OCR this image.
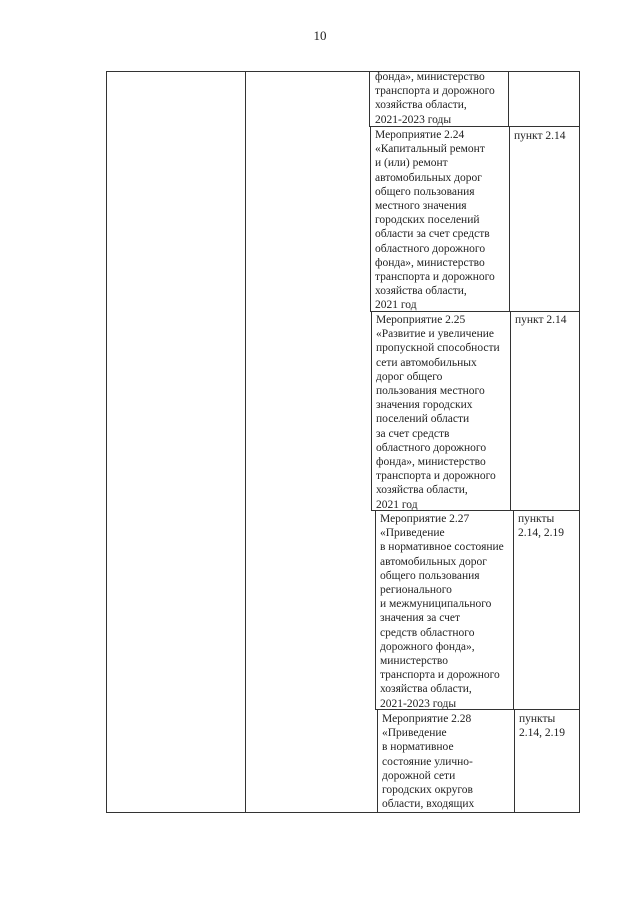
10

фонда», министерство
транспорта и дорожного
хозяйства области,
2021-2023 годы

Мероприятие 2.24
«Капитальный ремонт
и (или) ремонт
автомобильных дорог
общего пользования
местного значения
городских поселений
области за счет средств
областного дорожного
фонда», министерство
транспорта и дорожного
хозяйства области,
2021 год

пункт 2.14

Мероприятие 2.25
«Развитие и увеличение
пропускной способности
сети автомобильных
дорог общего
пользования местного
значения городских
поселений области
за счет средств
областного дорожного
фонда», министерство
транспорта и дорожного
хозяйства области,
2021 год

пункт 2.14

Мероприятие 2.27
«Приведение
в нормативное состояние
автомобильных дорог
общего пользования
регионального
и межмуниципального
значения за счет
средств областного
дорожного фонда»,
министерство
транспорта и дорожного
хозяйства области,
2021-2023 годы

пункты
2.14, 2.19

Мероприятие 2.28
«Приведение
в нормативное
состояние улично-
дорожной сети
городских округов
области, входящих

пункты
2.14, 2.19
